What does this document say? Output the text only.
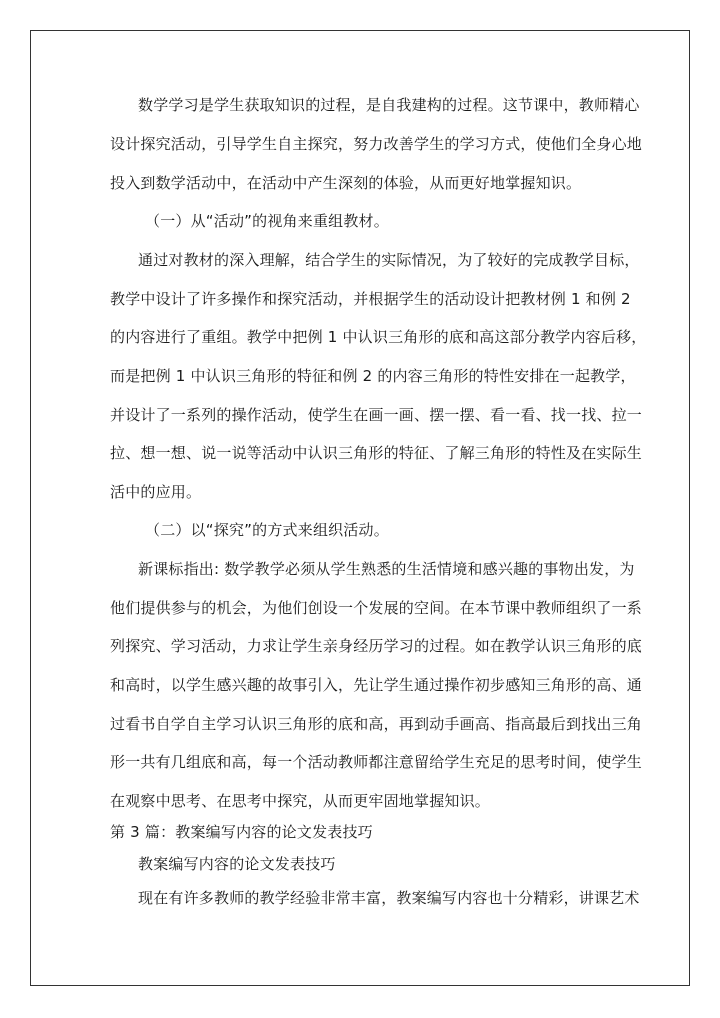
数学学习是学生获取知识的过程，是自我建构的过程。这节课中，教师精心
设计探究活动，引导学生自主探究，努力改善学生的学习方式，使他们全身心地
投入到数学活动中，在活动中产生深刻的体验，从而更好地掌握知识。
（一）从“活动”的视角来重组教材。
通过对教材的深入理解，结合学生的实际情况，为了较好的完成教学目标，
教学中设计了许多操作和探究活动，并根据学生的活动设计把教材例 1 和例 2
的内容进行了重组。教学中把例 1 中认识三角形的底和高这部分教学内容后移，
而是把例 1 中认识三角形的特征和例 2 的内容三角形的特性安排在一起教学，
并设计了一系列的操作活动，使学生在画一画、摆一摆、看一看、找一找、拉一
拉、想一想、说一说等活动中认识三角形的特征、了解三角形的特性及在实际生
活中的应用。
（二）以“探究”的方式来组织活动。
新课标指出: 数学教学必须从学生熟悉的生活情境和感兴趣的事物出发，为
他们提供参与的机会，为他们创设一个发展的空间。在本节课中教师组织了一系
列探究、学习活动，力求让学生亲身经历学习的过程。如在教学认识三角形的底
和高时，以学生感兴趣的故事引入，先让学生通过操作初步感知三角形的高、通
过看书自学自主学习认识三角形的底和高，再到动手画高、指高最后到找出三角
形一共有几组底和高，每一个活动教师都注意留给学生充足的思考时间，使学生
在观察中思考、在思考中探究，从而更牢固地掌握知识。
第 3 篇：教案编写内容的论文发表技巧
教案编写内容的论文发表技巧
现在有许多教师的教学经验非常丰富，教案编写内容也十分精彩，讲课艺术
